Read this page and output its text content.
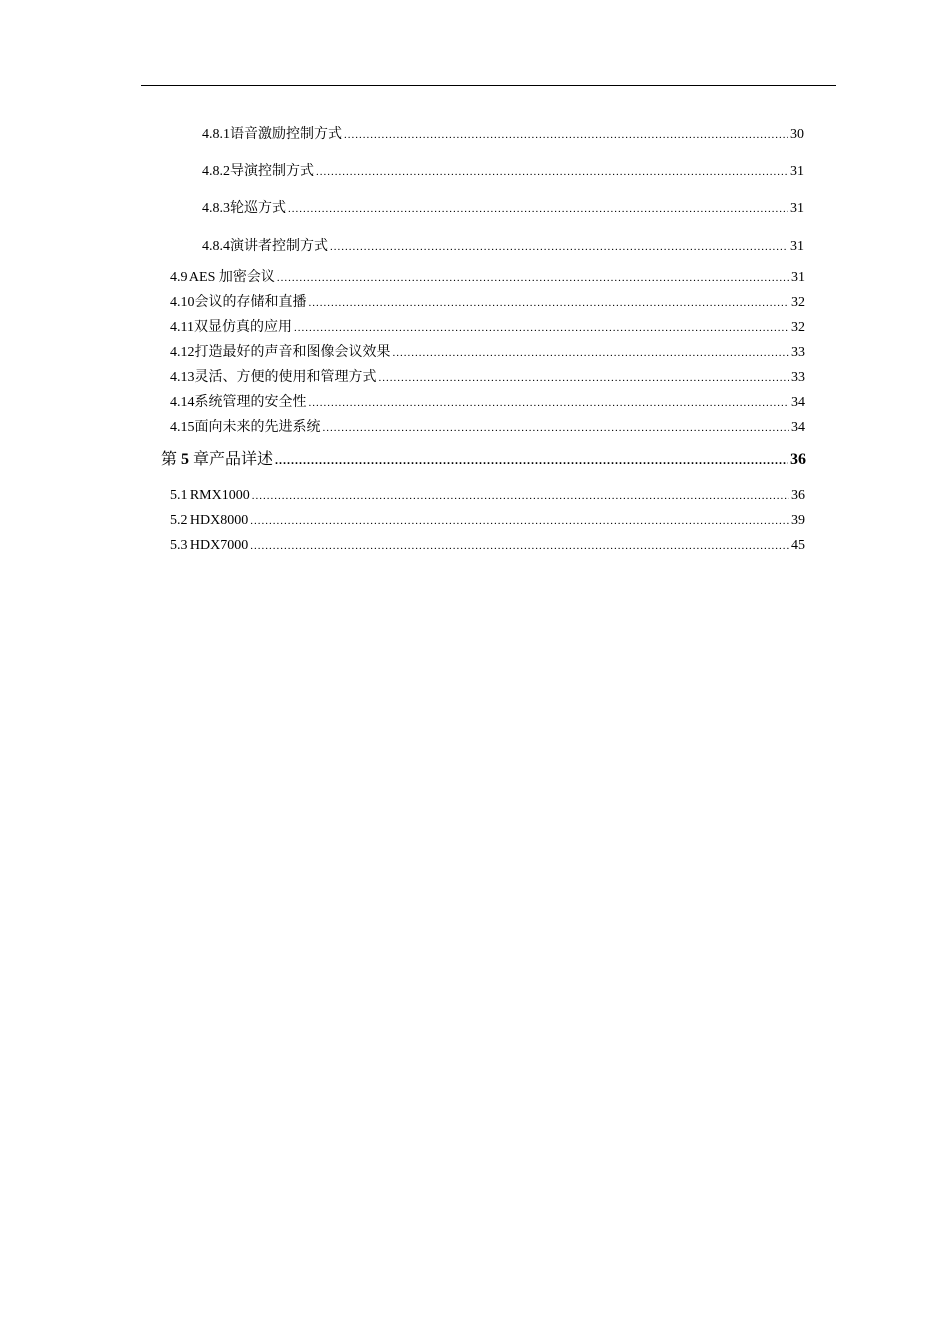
4.8.1 语音激励控制方式 .....	30
4.8.2 导演控制方式 .....	31
4.8.3 轮巡方式 .....	31
4.8.4 演讲者控制方式 .....	31
4.9 AES 加密会议 .....	31
4.10 会议的存储和直播 .....	32
4.11 双显仿真的应用 .....	32
4.12 打造最好的声音和图像会议效果 .....	33
4.13 灵活、方便的使用和管理方式 .....	33
4.14 系统管理的安全性 .....	34
4.15 面向未来的先进系统 .....	34
第 5 章 产品详述 .....	36
5.1 RMX1000 .....	36
5.2 HDX8000 .....	39
5.3 HDX7000 .....	45
